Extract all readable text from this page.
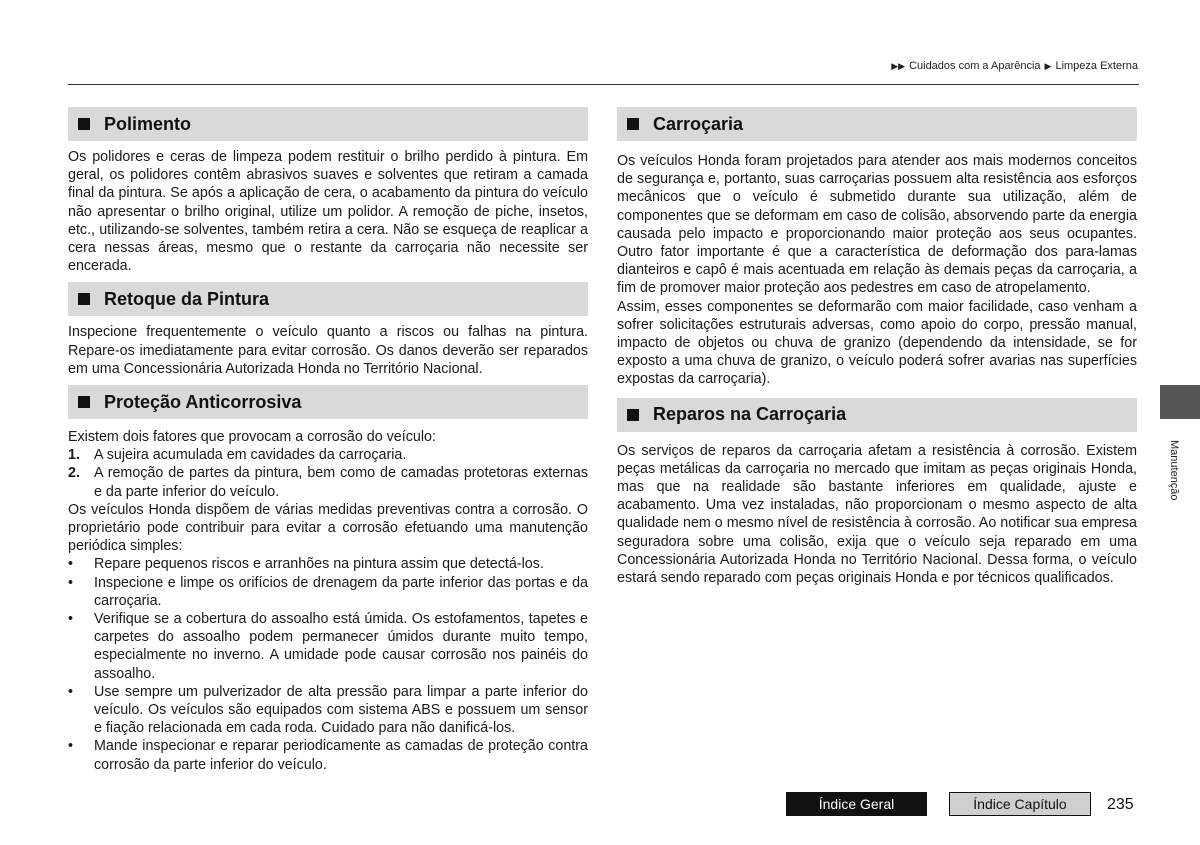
▶▶ Cuidados com a Aparência ▶ Limpeza Externa
Polimento

Os polidores e ceras de limpeza podem restituir o brilho perdido à pintura. Em geral, os polidores contêm abrasivos suaves e solventes que retiram a camada final da pintura. Se após a aplicação de cera, o acabamento da pintura do veículo não apresentar o brilho original, utilize um polidor. A remoção de piche, insetos, etc., utilizando-se solventes, também retira a cera. Não se esqueça de reaplicar a cera nessas áreas, mesmo que o restante da carroçaria não necessite ser encerada.

Retoque da Pintura

Inspecione frequentemente o veículo quanto a riscos ou falhas na pintura. Repare-os imediatamente para evitar corrosão. Os danos deverão ser reparados em uma Concessionária Autorizada Honda no Território Nacional.

Proteção Anticorrosiva
Existem dois fatores que provocam a corrosão do veículo:
1. A sujeira acumulada em cavidades da carroçaria.
2. A remoção de partes da pintura, bem como de camadas protetoras externas e da parte inferior do veículo.
Os veículos Honda dispõem de várias medidas preventivas contra a corrosão. O proprietário pode contribuir para evitar a corrosão efetuando uma manutenção periódica simples:
•	Repare pequenos riscos e arranhões na pintura assim que detectá-los.
•	Inspecione e limpe os orifícios de drenagem da parte inferior das portas e da carroçaria.
•	Verifique se a cobertura do assoalho está úmida. Os estofamentos, tapetes e carpetes do assoalho podem permanecer úmidos durante muito tempo, especialmente no inverno. A umidade pode causar corrosão nos painéis do assoalho.
•	Use sempre um pulverizador de alta pressão para limpar a parte inferior do veículo. Os veículos são equipados com sistema ABS e possuem um sensor e fiação relacionada em cada roda. Cuidado para não danificá-los.
•	Mande inspecionar e reparar periodicamente as camadas de proteção contra corrosão da parte inferior do veículo.
Carroçaria

Os veículos Honda foram projetados para atender aos mais modernos conceitos de segurança e, portanto, suas carroçarias possuem alta resistência aos esforços mecânicos que o veículo é submetido durante sua utilização, além de componentes que se deformam em caso de colisão, absorvendo parte da energia causada pelo impacto e proporcionando maior proteção aos seus ocupantes. Outro fator importante é que a característica de deformação dos para-lamas dianteiros e capô é mais acentuada em relação às demais peças da carroçaria, a fim de promover maior proteção aos pedestres em caso de atropelamento.

Assim, esses componentes se deformarão com maior facilidade, caso venham a sofrer solicitações estruturais adversas, como apoio do corpo, pressão manual, impacto de objetos ou chuva de granizo (dependendo da intensidade, se for exposto a uma chuva de granizo, o veículo poderá sofrer avarias nas superfícies expostas da carroçaria).

Reparos na Carroçaria

Os serviços de reparos da carroçaria afetam a resistência à corrosão. Existem peças metálicas da carroçaria no mercado que imitam as peças originais Honda, mas que na realidade são bastante inferiores em qualidade, ajuste e acabamento. Uma vez instaladas, não proporcionam o mesmo aspecto de alta qualidade nem o mesmo nível de resistência à corrosão. Ao notificar sua empresa seguradora sobre uma colisão, exija que o veículo seja reparado em uma Concessionária Autorizada Honda no Território Nacional. Dessa forma, o veículo estará sendo reparado com peças originais Honda e por técnicos qualificados.

Manutenção
Índice Geral	Índice Capítulo	235
